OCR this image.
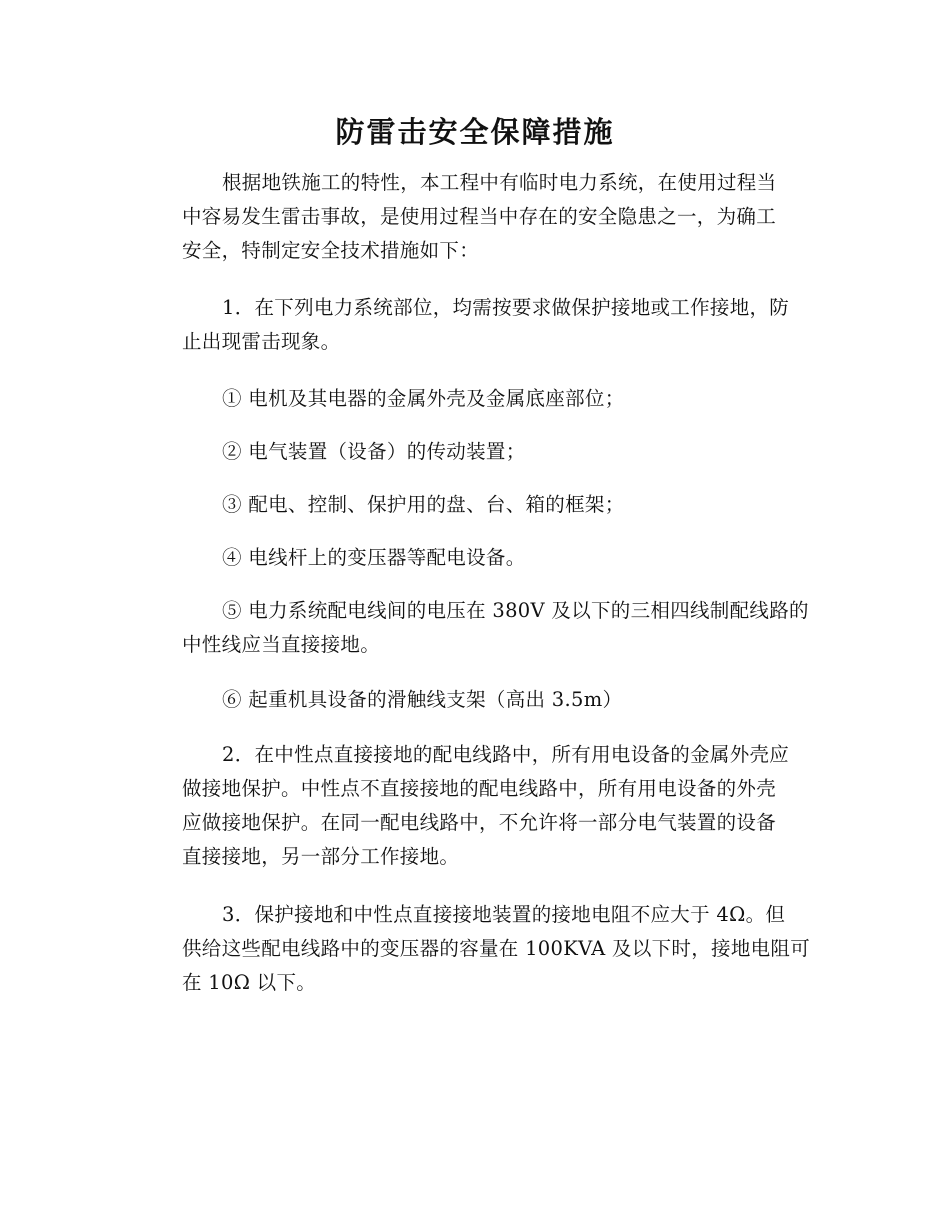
防雷击安全保障措施
根据地铁施工的特性，本工程中有临时电力系统，在使用过程当
中容易发生雷击事故，是使用过程当中存在的安全隐患之一，为确工
安全，特制定安全技术措施如下：
1．在下列电力系统部位，均需按要求做保护接地或工作接地，防
止出现雷击现象。
① 电机及其电器的金属外壳及金属底座部位；
② 电气装置（设备）的传动装置；
③ 配电、控制、保护用的盘、台、箱的框架；
④ 电线杆上的变压器等配电设备。
⑤ 电力系统配电线间的电压在 380V 及以下的三相四线制配线路的
中性线应当直接接地。
⑥ 起重机具设备的滑触线支架（高出 3.5m）
2．在中性点直接接地的配电线路中，所有用电设备的金属外壳应
做接地保护。中性点不直接接地的配电线路中，所有用电设备的外壳
应做接地保护。在同一配电线路中，不允许将一部分电气装置的设备
直接接地，另一部分工作接地。
3．保护接地和中性点直接接地装置的接地电阻不应大于 4Ω。但
供给这些配电线路中的变压器的容量在 100KVA 及以下时，接地电阻可
在 10Ω 以下。
